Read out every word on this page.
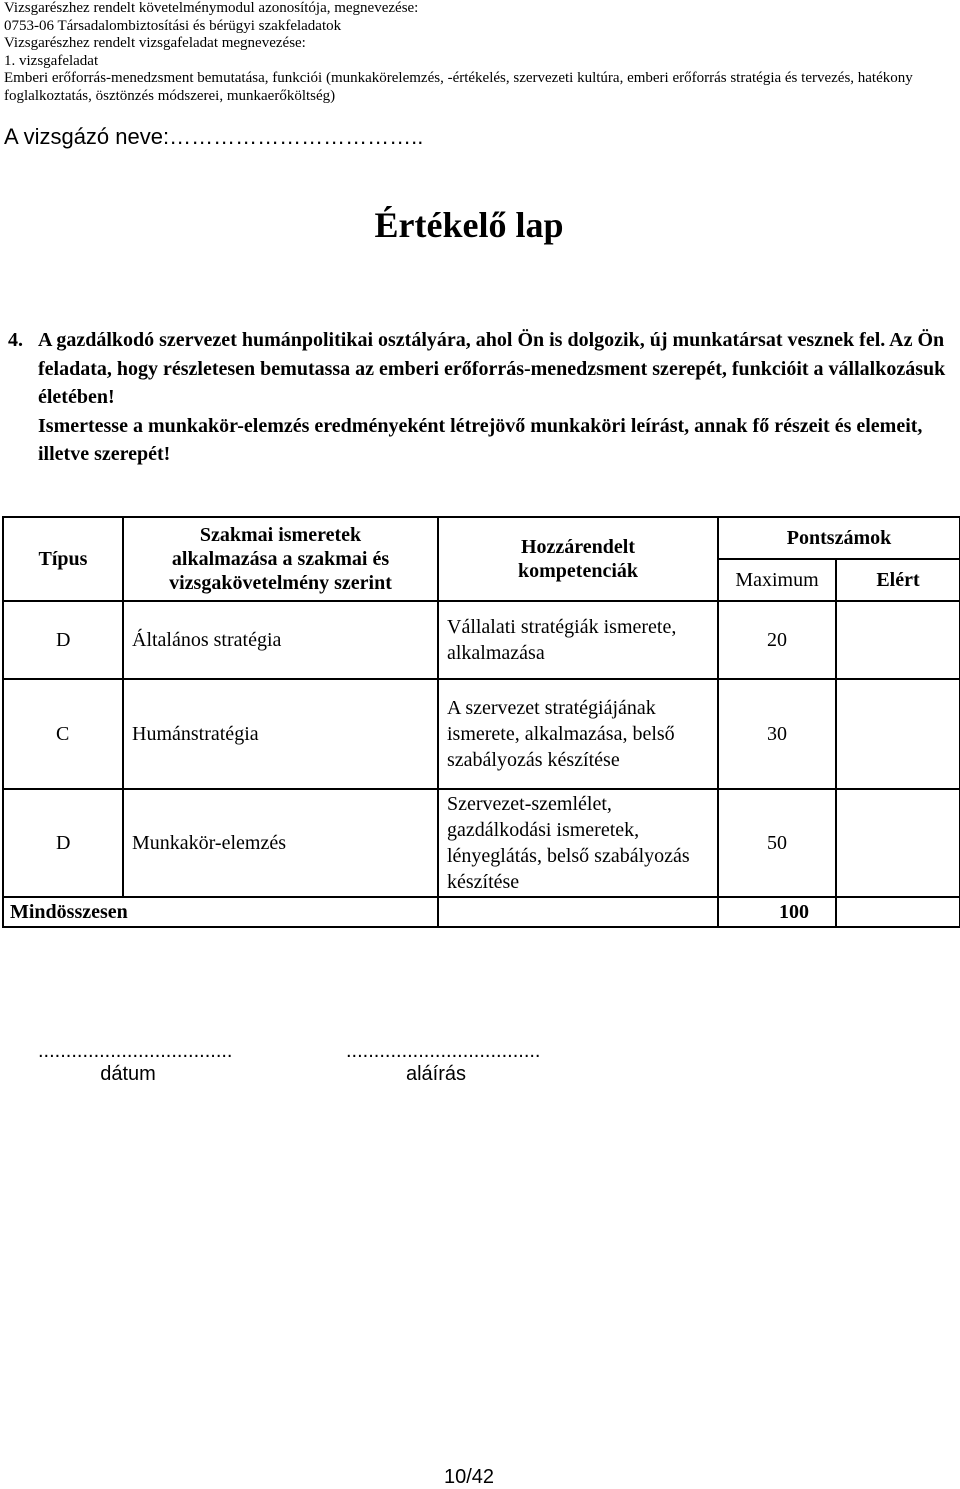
Vizsgarészhez rendelt követelménymodul azonosítója, megnevezése:
0753-06 Társadalombiztosítási és bérügyi szakfeladatok
Vizsgarészhez rendelt vizsgafeladat megnevezése:
1. vizsgafeladat
Emberi erőforrás-menedzsment bemutatása, funkciói (munkakörelemzés, -értékelés, szervezeti kultúra, emberi erőforrás stratégia és tervezés, hatékony foglalkoztatás, ösztönzés módszerei, munkaerőköltség)
A vizsgázó neve:……………………………..
Értékelő lap
4. A gazdálkodó szervezet humánpolitikai osztályára, ahol Ön is dolgozik, új munkatársat vesznek fel. Az Ön feladata, hogy részletesen bemutassa az emberi erőforrás-menedzsment szerepét, funkcióit a vállalkozásuk életében!

Ismertesse a munkakör-elemzés eredményeként létrejövő munkaköri leírást, annak fő részeit és elemeit, illetve szerepét!

Típus	Szakmai ismeretek alkalmazása a szakmai és vizsgakövetelmény szerint	Hozzárendelt kompetenciák	Pontszámok	
			Maximum	Elért
D	Általános stratégia	Vállalati stratégiák ismerete, alkalmazása	20	
C	Humánstratégia	A szervezet stratégiájának ismerete, alkalmazása, belső szabályozás készítése	30	
D	Munkakör-elemzés	Szervezet-szemlélet, gazdálkodási ismeretek, lényeglátás, belső szabályozás készítése	50	
Mindösszesen			100	
...................................
dátum
...................................
aláírás
10/42
